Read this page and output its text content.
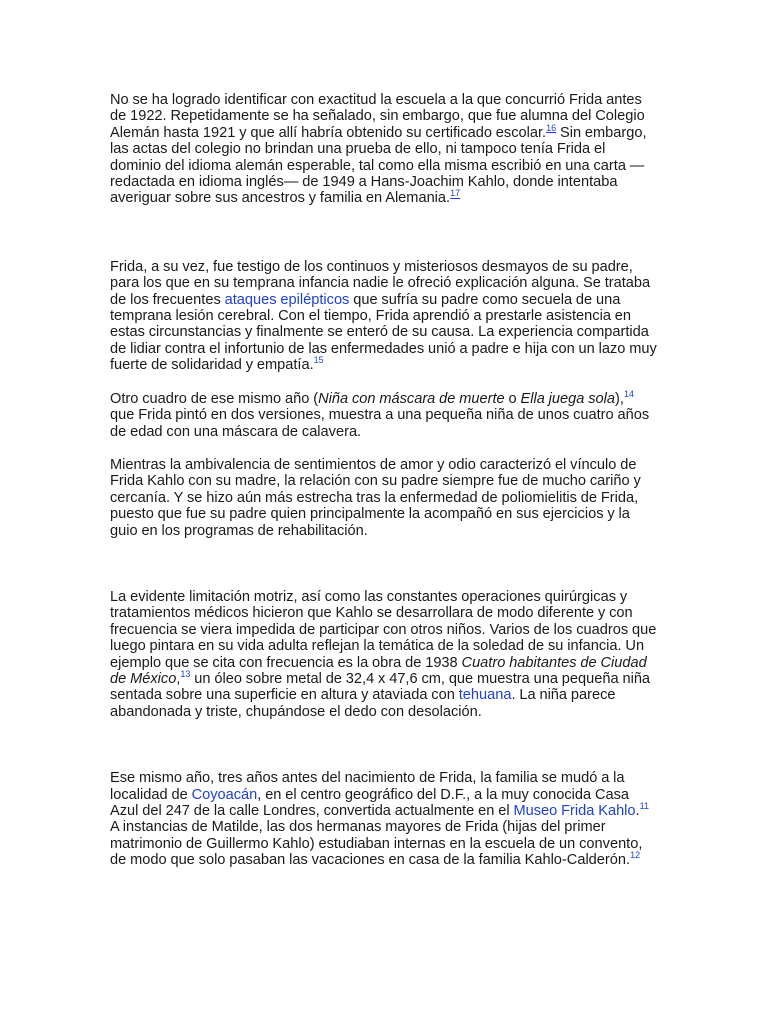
No se ha logrado identificar con exactitud la escuela a la que concurrió Frida antes de 1922. Repetidamente se ha señalado, sin embargo, que fue alumna del Colegio Alemán hasta 1921 y que allí habría obtenido su certificado escolar.$^{16}$ Sin embargo, las actas del colegio no brindan una prueba de ello, ni tampoco tenía Frida el dominio del idioma alemán esperable, tal como ella misma escribió en una carta —redactada en idioma inglés— de 1949 a Hans-Joachim Kahlo, donde intentaba averiguar sobre sus ancestros y familia en Alemania.$^{17}$

Frida, a su vez, fue testigo de los continuos y misteriosos desmayos de su padre, para los que en su temprana infancia nadie le ofreció explicación alguna. Se trataba de los frecuentes ataques epilépticos que sufría su padre como secuela de una temprana lesión cerebral. Con el tiempo, Frida aprendió a prestarle asistencia en estas circunstancias y finalmente se enteró de su causa. La experiencia compartida de lidiar contra el infortunio de las enfermedades unió a padre e hija con un lazo muy fuerte de solidaridad y empatía.$^{15}$

Otro cuadro de ese mismo año (Niña con máscara de muerte o Ella juega sola),$^{14}$ que Frida pintó en dos versiones, muestra a una pequeña niña de unos cuatro años de edad con una máscara de calavera.

Mientras la ambivalencia de sentimientos de amor y odio caracterizó el vínculo de Frida Kahlo con su madre, la relación con su padre siempre fue de mucho cariño y cercanía. Y se hizo aún más estrecha tras la enfermedad de poliomielitis de Frida, puesto que fue su padre quien principalmente la acompañó en sus ejercicios y la guio en los programas de rehabilitación.

La evidente limitación motriz, así como las constantes operaciones quirúrgicas y tratamientos médicos hicieron que Kahlo se desarrollara de modo diferente y con frecuencia se viera impedida de participar con otros niños. Varios de los cuadros que luego pintara en su vida adulta reflejan la temática de la soledad de su infancia. Un ejemplo que se cita con frecuencia es la obra de 1938 Cuatro habitantes de Ciudad de México,$^{13}$ un óleo sobre metal de 32,4 x 47,6 cm, que muestra una pequeña niña sentada sobre una superficie en altura y ataviada con tehuana. La niña parece abandonada y triste, chupándose el dedo con desolación.

Ese mismo año, tres años antes del nacimiento de Frida, la familia se mudó a la localidad de Coyoacán, en el centro geográfico del D.F., a la muy conocida Casa Azul del 247 de la calle Londres, convertida actualmente en el Museo Frida Kahlo.$^{11}$ A instancias de Matilde, las dos hermanas mayores de Frida (hijas del primer matrimonio de Guillermo Kahlo) estudiaban internas en la escuela de un convento, de modo que solo pasaban las vacaciones en casa de la familia Kahlo-Calderón.$^{12}$
